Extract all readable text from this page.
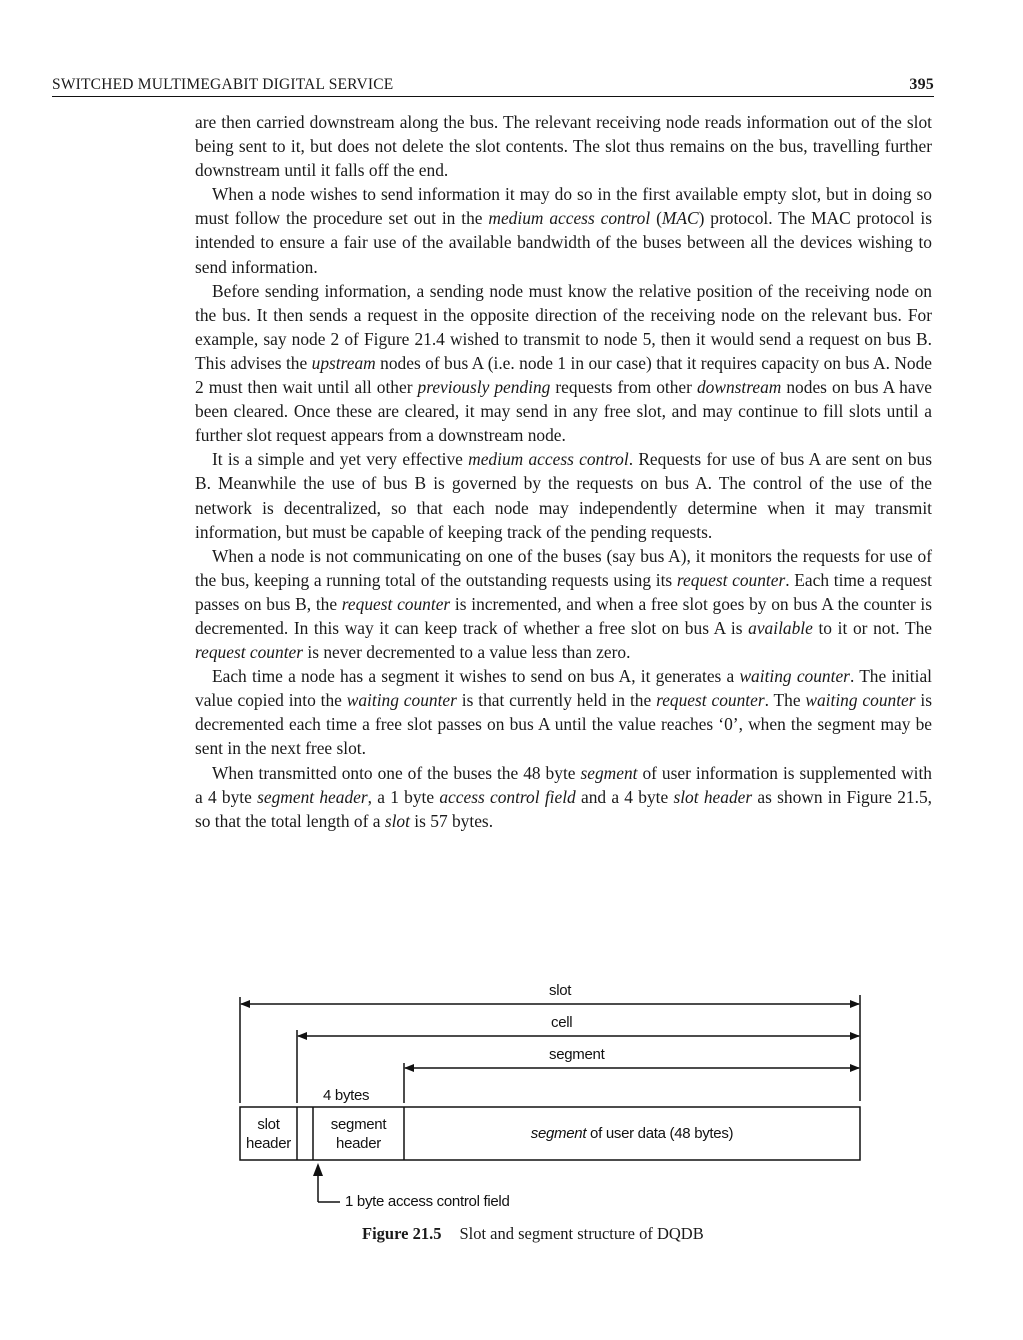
SWITCHED MULTIMEGABIT DIGITAL SERVICE	395

are then carried downstream along the bus. The relevant receiving node reads information out of the slot being sent to it, but does not delete the slot contents. The slot thus remains on the bus, travelling further downstream until it falls off the end.

When a node wishes to send information it may do so in the first available empty slot, but in doing so must follow the procedure set out in the medium access control (MAC) protocol. The MAC protocol is intended to ensure a fair use of the available bandwidth of the buses between all the devices wishing to send information.

Before sending information, a sending node must know the relative position of the receiving node on the bus. It then sends a request in the opposite direction of the receiving node on the relevant bus. For example, say node 2 of Figure 21.4 wished to transmit to node 5, then it would send a request on bus B. This advises the upstream nodes of bus A (i.e. node 1 in our case) that it requires capacity on bus A. Node 2 must then wait until all other previously pending requests from other downstream nodes on bus A have been cleared. Once these are cleared, it may send in any free slot, and may continue to fill slots until a further slot request appears from a downstream node.

It is a simple and yet very effective medium access control. Requests for use of bus A are sent on bus B. Meanwhile the use of bus B is governed by the requests on bus A. The control of the use of the network is decentralized, so that each node may independently determine when it may transmit information, but must be capable of keeping track of the pending requests.

When a node is not communicating on one of the buses (say bus A), it monitors the requests for use of the bus, keeping a running total of the outstanding requests using its request counter. Each time a request passes on bus B, the request counter is incremented, and when a free slot goes by on bus A the counter is decremented. In this way it can keep track of whether a free slot on bus A is available to it or not. The request counter is never decremented to a value less than zero.

Each time a node has a segment it wishes to send on bus A, it generates a waiting counter. The initial value copied into the waiting counter is that currently held in the request counter. The waiting counter is decremented each time a free slot passes on bus A until the value reaches ‘0’, when the segment may be sent in the next free slot.

When transmitted onto one of the buses the 48 byte segment of user information is supplemented with a 4 byte segment header, a 1 byte access control field and a 4 byte slot header as shown in Figure 21.5, so that the total length of a slot is 57 bytes.

slot
cell
segment
4 bytes
slot
header
segment
header
segment of user data (48 bytes)
1 byte access control field
Figure 21.5 Slot and segment structure of DQDB
